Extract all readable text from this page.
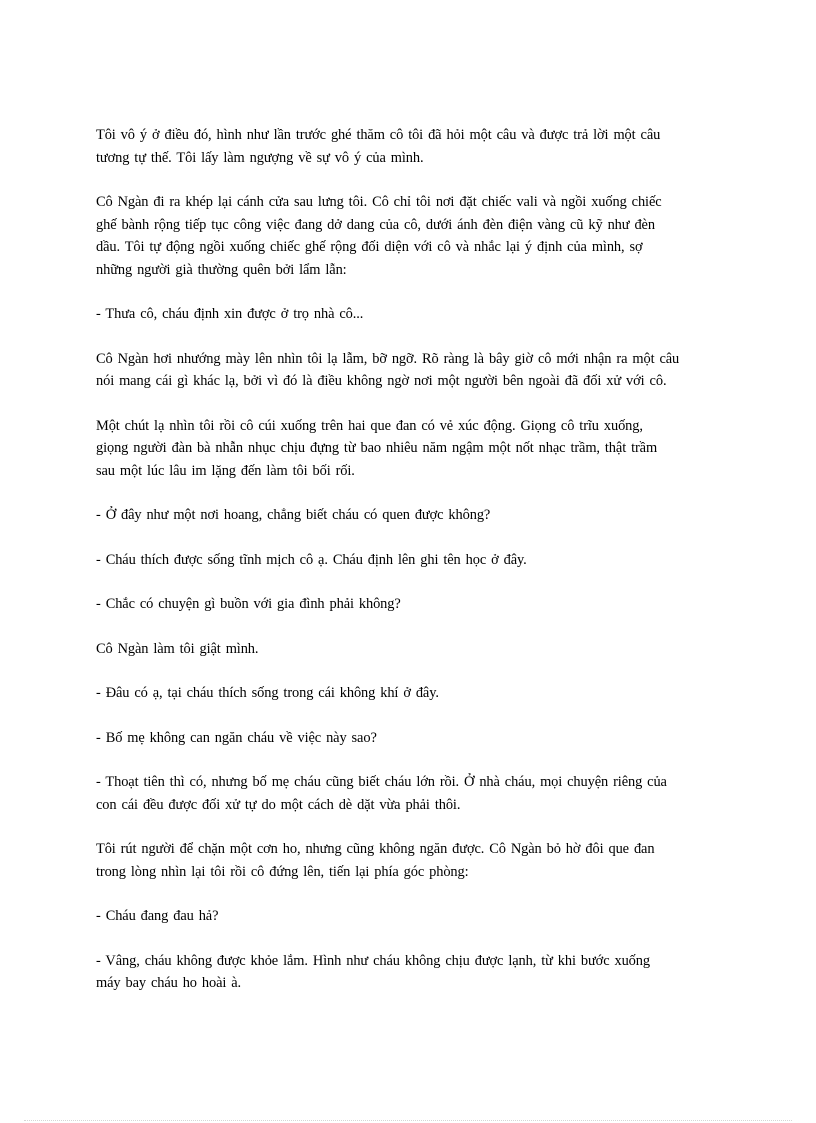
Tôi vô ý ở điều đó, hình như lần trước ghé thăm cô tôi đã hỏi một câu và được trả lời một câu
tương tự thế. Tôi lấy làm ngượng về sự vô ý của mình.

Cô Ngàn đi ra khép lại cánh cửa sau lưng tôi. Cô chỉ tôi nơi đặt chiếc vali và ngồi xuống chiếc
ghế bành rộng tiếp tục công việc đang dở dang của cô, dưới ánh đèn điện vàng cũ kỹ như đèn
dầu. Tôi tự động ngồi xuống chiếc ghế rộng đối diện với cô và nhắc lại ý định của mình, sợ
những người già thường quên bởi lẩm lẫn:

- Thưa cô, cháu định xin được ở trọ nhà cô...

Cô Ngàn hơi nhướng mày lên nhìn tôi lạ lẫm, bỡ ngỡ. Rõ ràng là bây giờ cô mới nhận ra một câu
nói mang cái gì khác lạ, bởi vì đó là điều không ngờ nơi một người bên ngoài đã đối xử với cô.

Một chút lạ nhìn tôi rồi cô cúi xuống trên hai que đan có vẻ xúc động. Giọng cô trĩu xuống,
giọng người đàn bà nhẫn nhục chịu đựng từ bao nhiêu năm ngậm một nốt nhạc trầm, thật trầm
sau một lúc lâu im lặng đến làm tôi bối rối.

- Ở đây như một nơi hoang, chẳng biết cháu có quen được không?

- Cháu thích được sống tĩnh mịch cô ạ. Cháu định lên ghi tên học ở đây.

- Chắc có chuyện gì buồn với gia đình phải không?

Cô Ngàn làm tôi giật mình.

- Đâu có ạ, tại cháu thích sống trong cái không khí ở đây.

- Bố mẹ không can ngăn cháu về việc này sao?

- Thoạt tiên thì có, nhưng bố mẹ cháu cũng biết cháu lớn rồi. Ở nhà cháu, mọi chuyện riêng của
con cái đều được đối xử tự do một cách dè dặt vừa phải thôi.

Tôi rút người để chặn một cơn ho, nhưng cũng không ngăn được. Cô Ngàn bỏ hờ đôi que đan
trong lòng nhìn lại tôi rồi cô đứng lên, tiến lại phía góc phòng:

- Cháu đang đau hả?

- Vâng, cháu không được khỏe lắm. Hình như cháu không chịu được lạnh, từ khi bước xuống
máy bay cháu ho hoài à.
